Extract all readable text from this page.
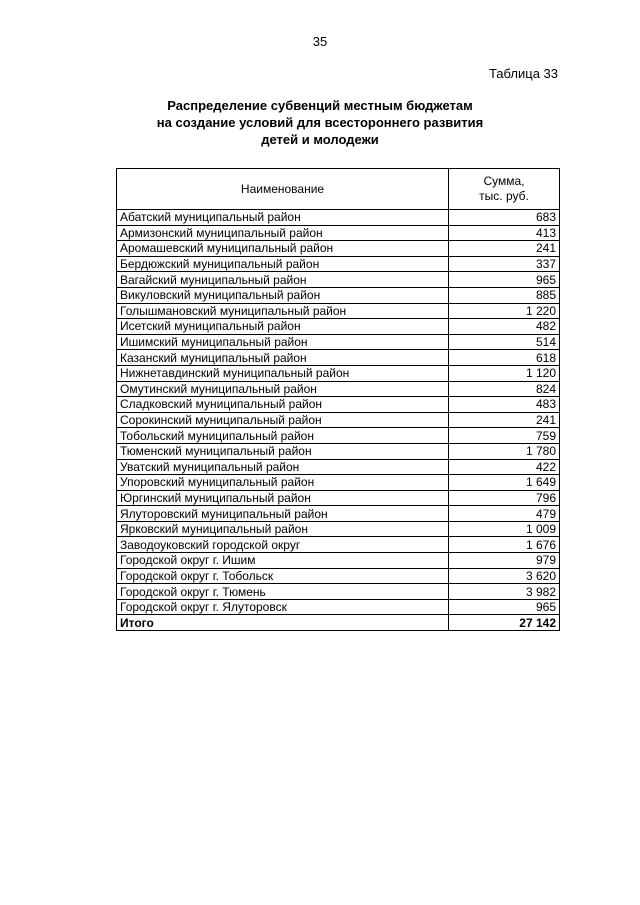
35
Таблица 33
Распределение субвенций местным бюджетам
на создание условий для всестороннего развития
детей и молодежи
Наименование	Сумма,
тыс. руб.

Абатский муниципальный район	683
Армизонский муниципальный район	413
Аромашевский муниципальный район	241
Бердюжский муниципальный район	337
Вагайский муниципальный район	965
Викуловский муниципальный район	885
Голышмановский муниципальный район	1 220
Исетский муниципальный район	482
Ишимский муниципальный район	514
Казанский муниципальный район	618
Нижнетавдинский муниципальный район	1 120
Омутинский муниципальный район	824
Сладковский муниципальный район	483
Сорокинский муниципальный район	241
Тобольский муниципальный район	759
Тюменский муниципальный район	1 780
Уватский муниципальный район	422
Упоровский муниципальный район	1 649
Юргинский муниципальный район	796
Ялуторовский муниципальный район	479
Ярковский муниципальный район	1 009
Заводоуковский городской округ	1 676
Городской округ г. Ишим	979
Городской округ г. Тобольск	3 620
Городской округ г. Тюмень	3 982
Городской округ г. Ялуторовск	965
Итого	27 142
